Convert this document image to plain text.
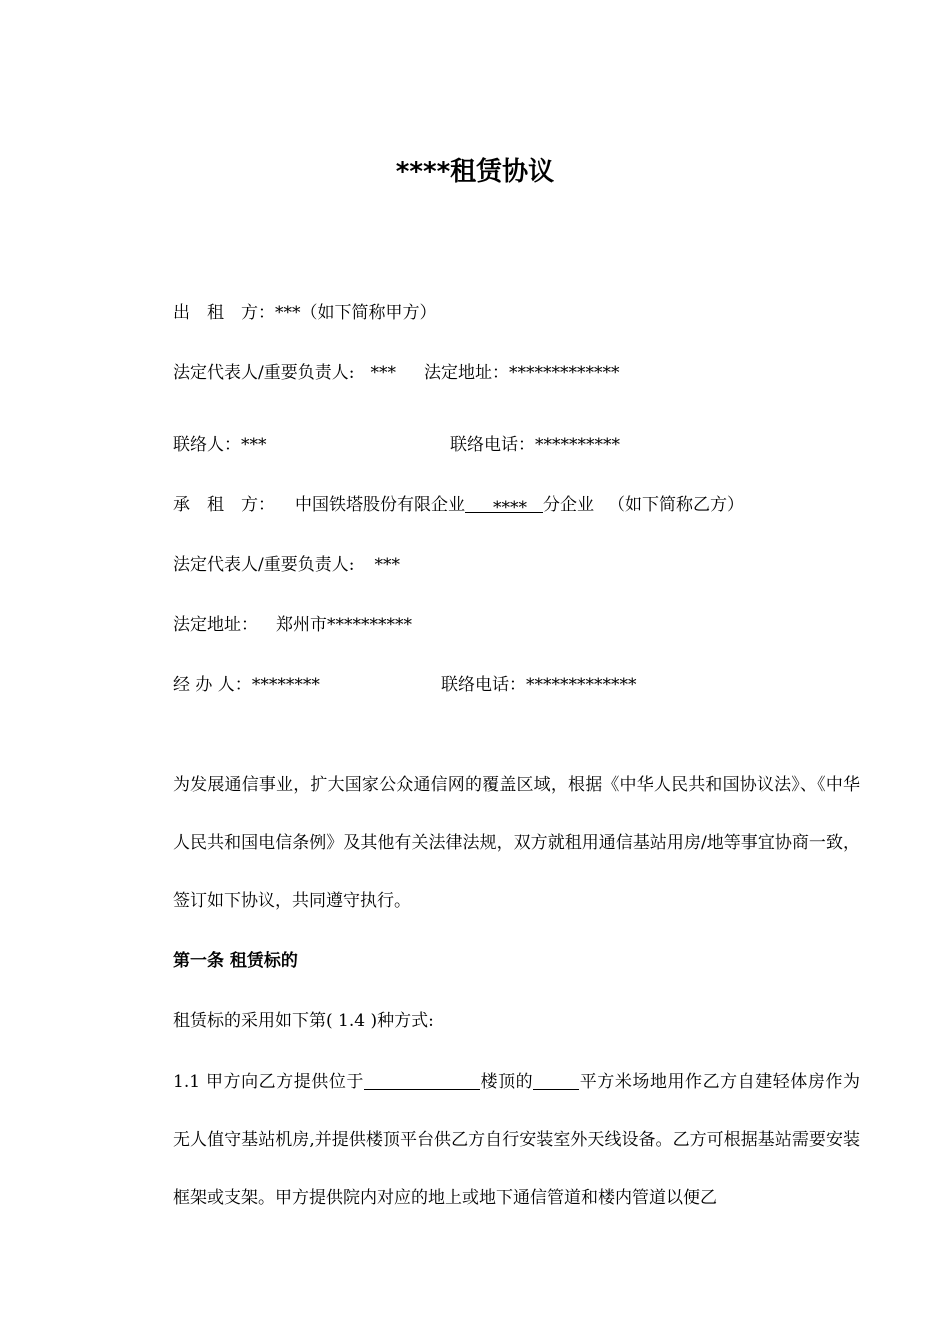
****租赁协议
出　租　方：***（如下简称甲方）
法定代表人/重要负责人: *** 法定地址：*************
联络人：***	联络电话：**********
承　租　方： 中国铁塔股份有限企业 **** 分企业 （如下简称乙方）
法定代表人/重要负责人: ***
法定地址： 郑州市**********
经 办 人：********	联络电话：*************
为发展通信事业，扩大国家公众通信网的覆盖区域，根据《中华人民共和国协议法》、《中华人民共和国电信条例》及其他有关法律法规，双方就租用通信基站用房/地等事宜协商一致，签订如下协议，共同遵守执行。
第一条 租赁标的
租赁标的采用如下第( 1.4 )种方式:
1.1 甲方向乙方提供位于	楼顶的	平方米场地用作乙方自建轻体房作为无人值守基站机房,并提供楼顶平台供乙方自行安装室外天线设备。乙方可根据基站需要安装框架或支架。甲方提供院内对应的地上或地下通信管道和楼内管道以便乙
